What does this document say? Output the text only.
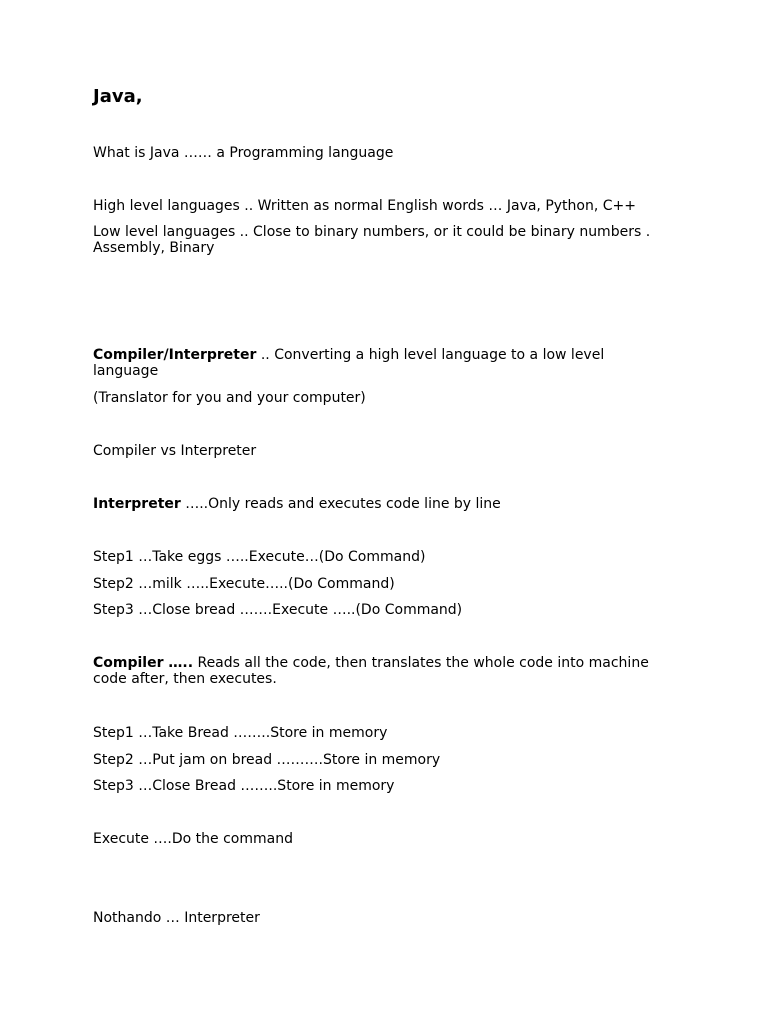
Java,

What is Java …… a Programming language

High level languages .. Written as normal English words … Java, Python, C++

Low level languages .. Close to binary numbers, or it could be binary numbers . Assembly, Binary

Compiler/Interpreter .. Converting a high level language to a low level language

(Translator for you and your computer)

Compiler vs Interpreter

Interpreter …..Only reads and executes code line by line

Step1 …Take eggs …..Execute…(Do Command)

Step2 …milk …..Execute…..(Do Command)

Step3 …Close bread …….Execute …..(Do Command)

Compiler ….. Reads all the code, then translates the whole code into machine code after, then executes.

Step1 …Take Bread ……..Store in memory

Step2 …Put jam on bread ……….Store in memory

Step3 …Close Bread ……..Store in memory

Execute ….Do the command

Nothando … Interpreter
